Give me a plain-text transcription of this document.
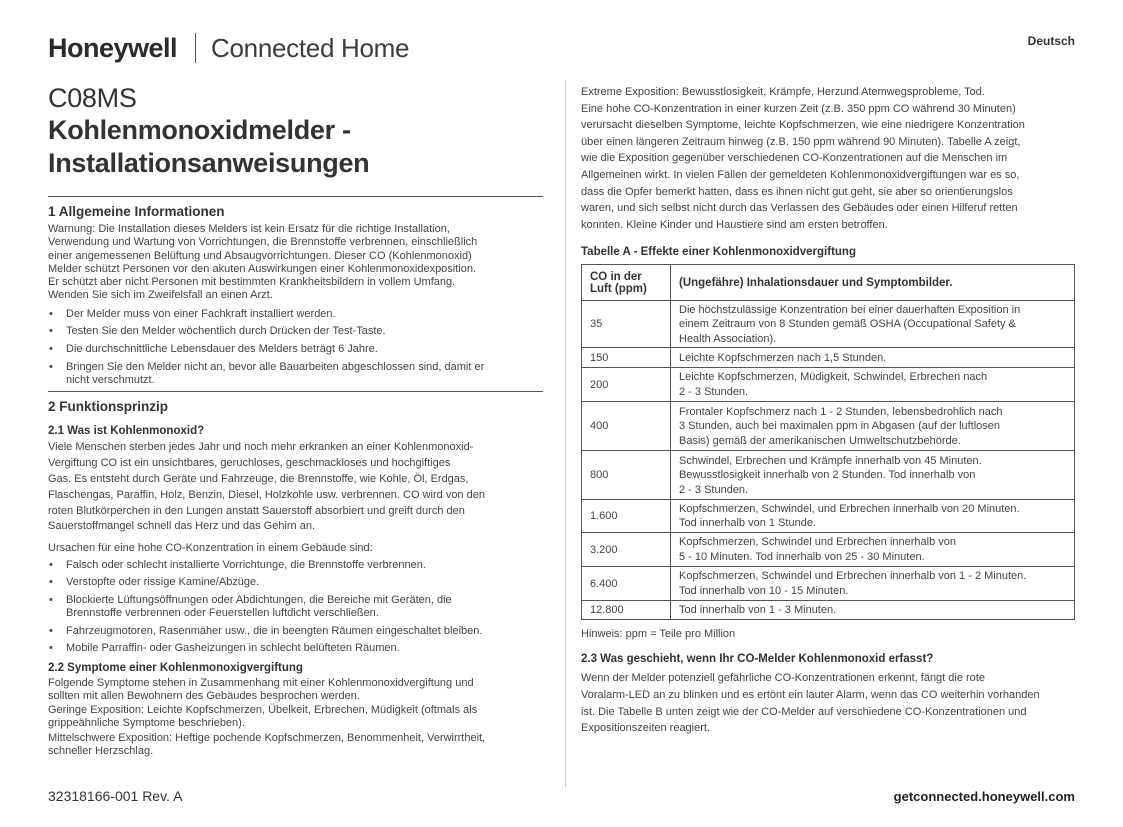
Honeywell Connected Home	Deutsch
C08MS
Kohlenmonoxidmelder -
Installationsanweisungen
1 Allgemeine Informationen
Warnung: Die Installation dieses Melders ist kein Ersatz für die richtige Installation,
Verwendung und Wartung von Vorrichtungen, die Brennstoffe verbrennen, einschließlich
einer angemessenen Belüftung und Absaugvorrichtungen. Dieser CO (Kohlenmonoxid)
Melder schützt Personen vor den akuten Auswirkungen einer Kohlenmonoxidexposition.
Er schützt aber nicht Personen mit bestimmten Krankheitsbildern in vollem Umfang.
Wenden Sie sich im Zweifelsfall an einen Arzt.
• Der Melder muss von einer Fachkraft installiert werden.
• Testen Sie den Melder wöchentlich durch Drücken der Test-Taste.
• Die durchschnittliche Lebensdauer des Melders beträgt 6 Jahre.
• Bringen Sie den Melder nicht an, bevor alle Bauarbeiten abgeschlossen sind, damit er
nicht verschmutzt.
2 Funktionsprinzip
2.1 Was ist Kohlenmonoxid?
Viele Menschen sterben jedes Jahr und noch mehr erkranken an einer Kohlenmonoxid-
Vergiftung CO ist ein unsichtbares, geruchloses, geschmackloses und hochgiftiges
Gas. Es entsteht durch Geräte und Fahrzeuge, die Brennstoffe, wie Kohle, Öl, Erdgas,
Flaschengas, Paraffin, Holz, Benzin, Diesel, Holzkohle usw. verbrennen. CO wird von den
roten Blutkörperchen in den Lungen anstatt Sauerstoff absorbiert und greift durch den
Sauerstoffmangel schnell das Herz und das Gehirn an.
Ursachen für eine hohe CO-Konzentration in einem Gebäude sind:
• Falsch oder schlecht installierte Vorrichtunge, die Brennstoffe verbrennen.
• Verstopfte oder rissige Kamine/Abzüge.
• Blockierte Lüftungsöffnungen oder Abdichtungen, die Bereiche mit Geräten, die
Brennstoffe verbrennen oder Feuerstellen luftdicht verschließen.
• Fahrzeugmotoren, Rasenmäher usw., die in beengten Räumen eingeschaltet bleiben.
• Mobile Parraffin- oder Gasheizungen in schlecht belüfteten Räumen.
2.2 Symptome einer Kohlenmonoxigvergiftung
Folgende Symptome stehen in Zusammenhang mit einer Kohlenmonoxidvergiftung und
sollten mit allen Bewohnern des Gebäudes besprochen werden.
Geringe Exposition: Leichte Kopfschmerzen, Übelkeit, Erbrechen, Müdigkeit (oftmals als
grippeähnliche Symptome beschrieben).
Mittelschwere Exposition: Heftige pochende Kopfschmerzen, Benommenheit, Verwirrtheit,
schneller Herzschlag.
Extreme Exposition: Bewusstlosigkeit, Krämpfe, Herzund Atemwegsprobleme, Tod.
Eine hohe CO-Konzentration in einer kurzen Zeit (z.B. 350 ppm CO während 30 Minuten)
verursacht dieselben Symptome, leichte Kopfschmerzen, wie eine niedrigere Konzentration
über einen längeren Zeitraum hinweg (z.B. 150 ppm während 90 Minuten). Tabelle A zeigt,
wie die Exposition gegenüber verschiedenen CO-Konzentrationen auf die Menschen im
Allgemeinen wirkt. In vielen Fällen der gemeldeten Kohlenmonoxidvergiftungen war es so,
dass die Opfer bemerkt hatten, dass es ihnen nicht gut geht, sie aber so orientierungslos
waren, und sich selbst nicht durch das Verlassen des Gebäudes oder einen Hilferuf retten
konnten. Kleine Kinder und Haustiere sind am ersten betroffen.
Tabelle A - Effekte einer Kohlenmonoxidvergiftung
CO in der
Luft (ppm)	(Ungefähre) Inhalationsdauer und Symptombilder.
35	Die höchstzulässige Konzentration bei einer dauerhaften Exposition in
einem Zeitraum von 8 Stunden gemäß OSHA (Occupational Safety &
Health Association).

150	Leichte Kopfschmerzen nach 1,5 Stunden.

200	Leichte Kopfschmerzen, Müdigkeit, Schwindel, Erbrechen nach
2 - 3 Stunden.

400	Frontaler Kopfschmerz nach 1 - 2 Stunden, lebensbedrohlich nach
3 Stunden, auch bei maximalen ppm in Abgasen (auf der luftlosen
Basis) gemäß der amerikanischen Umweltschutzbehörde.

800	Schwindel, Erbrechen und Krämpfe innerhalb von 45 Minuten.
Bewusstlosigkeit innerhalb von 2 Stunden. Tod innerhalb von
2 - 3 Stunden.

1.600	Kopfschmerzen, Schwindel, und Erbrechen innerhalb von 20 Minuten.
Tod innerhalb von 1 Stunde.

3.200	Kopfschmerzen, Schwindel und Erbrechen innerhalb von
5 - 10 Minuten. Tod innerhalb von 25 - 30 Minuten.

6.400	Kopfschmerzen, Schwindel und Erbrechen innerhalb von 1 - 2 Minuten.
Tod innerhalb von 10 - 15 Minuten.

12.800	Tod innerhalb von 1 - 3 Minuten.
Hinweis: ppm = Teile pro Million
2.3 Was geschieht, wenn Ihr CO-Melder Kohlenmonoxid erfasst?
Wenn der Melder potenziell gefährliche CO-Konzentrationen erkennt, fängt die rote
Voralarm-LED an zu blinken und es ertönt ein lauter Alarm, wenn das CO weiterhin vorhanden
ist. Die Tabelle B unten zeigt wie der CO-Melder auf verschiedene CO-Konzentrationen und
Expositionszeiten reagiert.
32318166-001 Rev. A	getconnected.honeywell.com
